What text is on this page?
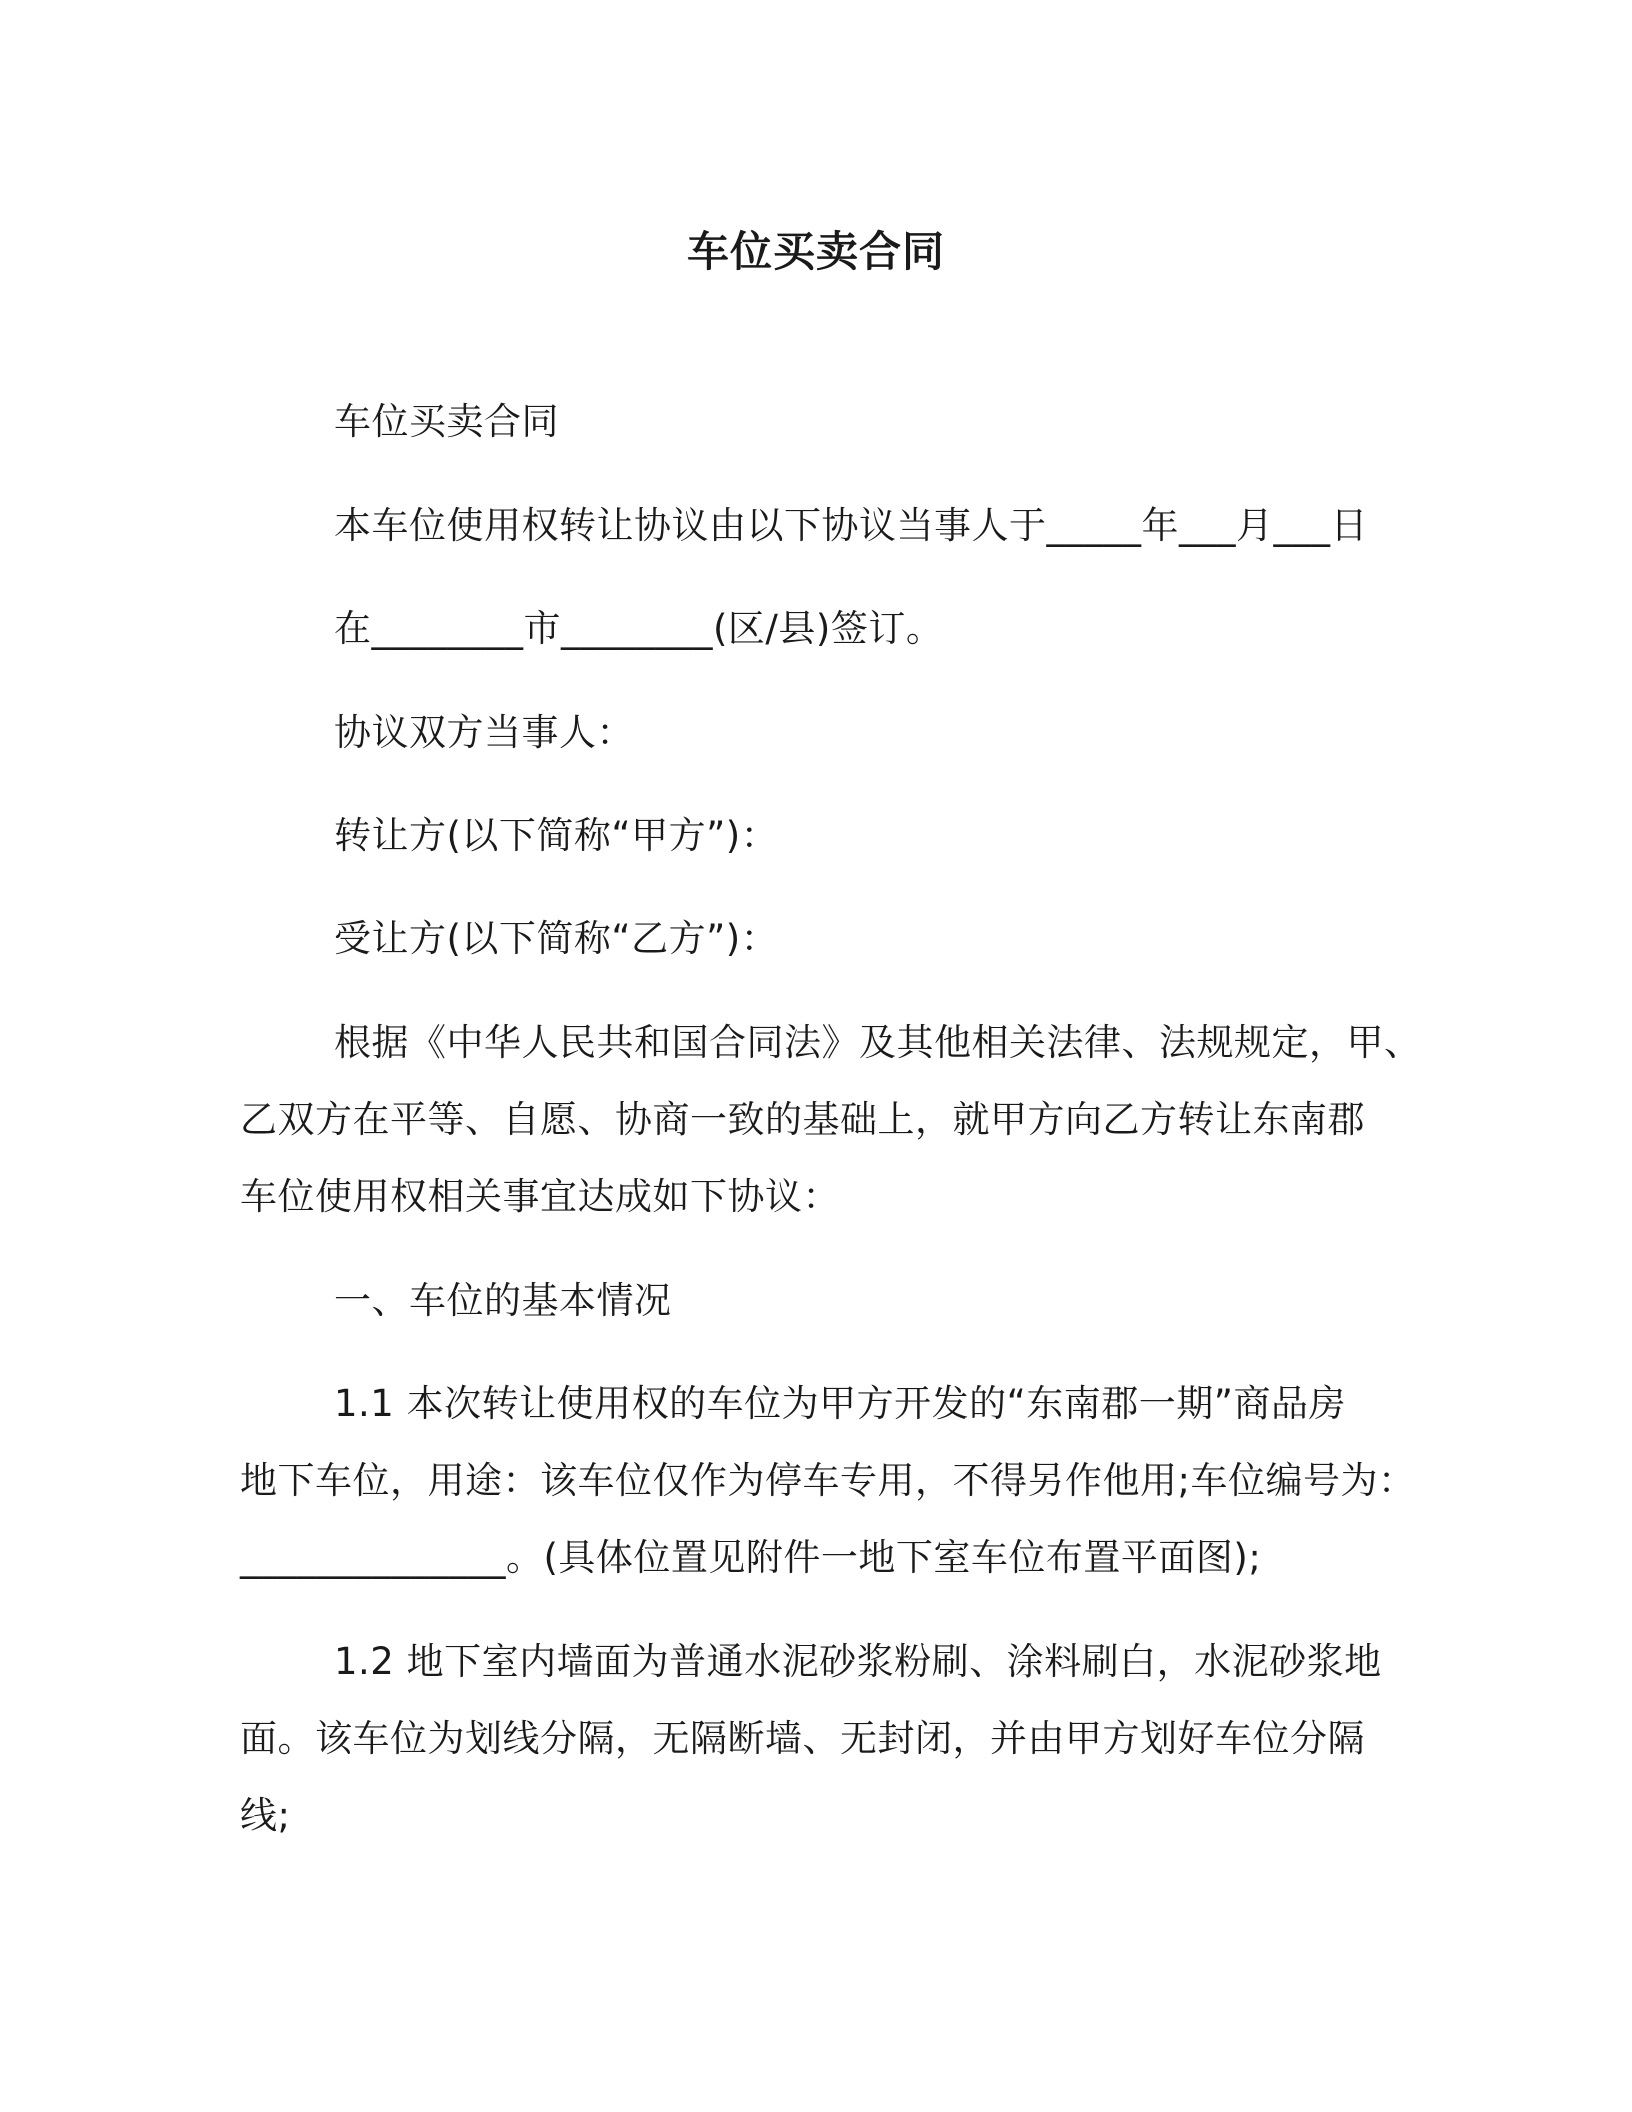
车位买卖合同
车位买卖合同
本车位使用权转让协议由以下协议当事人于_____年___月___日
在________市________(区/县)签订。
协议双方当事人：
转让方(以下简称“甲方”)：
受让方(以下简称“乙方”)：
根据《中华人民共和国合同法》及其他相关法律、法规规定，甲、
乙双方在平等、自愿、协商一致的基础上，就甲方向乙方转让东南郡
车位使用权相关事宜达成如下协议：
一、车位的基本情况
1.1 本次转让使用权的车位为甲方开发的“东南郡一期”商品房
地下车位，用途：该车位仅作为停车专用，不得另作他用;车位编号为：
______________。(具体位置见附件一地下室车位布置平面图);
1.2 地下室内墙面为普通水泥砂浆粉刷、涂料刷白，水泥砂浆地
面。该车位为划线分隔，无隔断墙、无封闭，并由甲方划好车位分隔
线;
